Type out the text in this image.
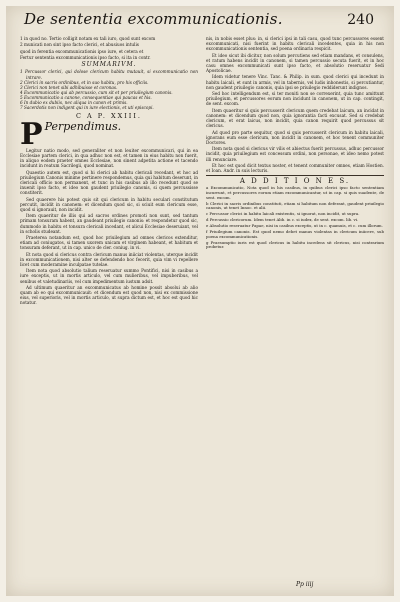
De sententia excommunicationis.	240

1 in quod no. Tertio colligit notam ex tali iuro, quod sunt excom

2 municati non sint ipso facto clerici, et abusiuos intulis

quod in ferentia excommunicationis ipso iure, et cetera et

Fertur sententia excommunicationis ipso facto, si ita in contr.

SUMMARIVM.

1 Percussor clerici, qui dolose clericum habitu mutauit, si excommunicatio non intrare.

2 Clerici in sacris ordinibus, et in suo habitu, pro his officiis.

3 Clerici non tenet sibi adhibuisse et coronas.

4 Excommunicatio qui ab percussio, cum sit et per priuilegium canonis.

5 Excommunicatio a canone, consequentiae qui paucas et his.

6 In dubio ex dubiis, nec aliqua in canon et primis.

7 Sacerdotis non indigent qui in iure electionis, et uti episcopi.

C A P. XXIII.
P Perpendimus.

Legitur natio modo, sed generaliter et non leuiter excommunicari, qui in ea Ecclesiae partem clerici, in qua adhuc non est, et tamen in eius habitu non fuerit, in aliquo eodem praeter omnes Ecclesiae, non sinent adpetita actione et tacendo incidunt in reatum Sacrilegii, quod nominat.

Quaestio autem est, quod si hi clerici ab habitu clericali recedant, et hoc ad priuilegium Canonis minime pertinere respondemus, quia qui habitum deserunt, in clericali officio non permanent, et tunc in his casibus ab illo recedunt quod se inuenit ipso facto, et ideo non gaudent priuilegio canonis, si quem percussisse constiterit.

Sed quaerere his potest quis sit qui clericum in habitu seculari constitutum percutit, incidit in canonem: et dicendum quod sic, si sciuit eum clericum esse, quod si ignorauit, non incidit.

Item quaeritur de illis qui ad sacros ordines promoti non sunt, sed tantum primam tonsuram habent, an gaudeant priuilegio canonis: et respondetur quod sic, dummodo in habitu et tonsura clericali incedant, et alicui Ecclesiae deseruiant, vel in scholis studeant.

Praeterea notandum est, quod hoc priuilegium ad omnes clericos extenditur, etiam ad coniugatos, si tamen uxorem unicam et virginem habeant, et habitum et tonsuram deferant, ut in cap. unico de cler. coniug. in vi.

Et nota quod si clericus contra clericum manus iniiciat violentas, uterque incidit in excommunicationem, nisi alter se defendendo hoc fecerit, quia vim vi repellere licet cum moderamine inculpatae tutelae.

Item nota quod absolutio talium reseruatur summo Pontifici, nisi in casibus a iure exceptis, ut in mortis articulo, vel cum mulieribus, vel impuberibus, vel senibus et valetudinariis, vel cum impedimentum iustum adsit.

Ad ultimum quaeritur an excommunicatus ab homine possit absolui ab alio quam ab eo qui excommunicauit: et dicendum est quod non, nisi ex commissione eius, vel superioris, vel in mortis articulo, ut supra dictum est, et hoc est quod hic notatur.

nis, in nobis esset plus: in, si clerici ipsi in tali casu, quod tunc percussores essent excommunicati, nisi fuerint in habitu clericali incedentes, quia in his non excommunicationis sententia, sed poena ordinaria respicit.

Et ideo sicut ibi dicitur, non solum percutiens sed etiam mandans, et consulens, et ratum habens incidit in canonem, si tamen percussio secuta fuerit, et in hoc casu omnes excommunicati sunt ipso facto, et absolutio reseruatur Sedi Apostolicae.

Idem videtur tenere Vinc. Tanc. & Philip. in sum. quod clerici qui incedunt in habitu laicali, et sunt in armis, vel in tabernis, vel ludis inhonestis, si percutiantur, non gaudent priuilegio canonis, quia ipsi se priuilegio reddiderunt indignos.

Sed hoc intelligendum est, si ter moniti non se correxerint, quia tunc amittunt priuilegium, et percussores eorum non incidunt in canonem, ut in cap. contingit, de sent. excom.

Item quaeritur si quis percusserit clericum quem credebat laicum, an incidat in canonem: et dicendum quod non, quia ignorantia facti excusat. Sed si credebat clericum, et erat laicus, non incidit, quia canon requirit quod percussus sit clericus.

Ad quod pro parte sequitur, quod si quis percusserit clericum in habitu laicali, ignorans eum esse clericum, non incidit in canonem, et hoc tenent communiter Doctores.

Item nota quod si clericus vir vilis et abiectus fuerit percussus, adhuc percussor incidit, quia priuilegium est concessum ordini, non personae, et ideo nemo potest illi renunciare.

Et hoc est quod dicit textus noster, et tenent communiter omnes, etiam Hostien. et Ioan. Andr. in suis lecturis.

A D D I T I O N E S.

a Excommunicatio, Nota quod in his casibus, in quibus clerici ipso facto sententiam incurrunt, et percussores eorum etiam excommunicantur, ut in cap. si quis suadente, de sent. excom.

b Clerici in sacris ordinibus constituti, etiam si habitum non deferant, gaudent priuilegio canonis, ut tenet Innoc. et alii.

c Percussor clerici in habitu laicali existentis, si ignorat, non incidit, ut supra.

d Percussio clericorum. Idem tenet Abb. in c. si iudex, de sent. excom. lib. vi.

e Absolutio reseruatur Papae, nisi in casibus exceptis, ut in c. quamuis, et c. cum illorum.

f Priuilegium canonis. Est quod nemo debet manus violentas in clericum iniicere, sub poena excommunicationis.

g Praesumptio iuris est quod clericus in habitu incedens sit clericus, nisi contrarium probetur.

Pp iiij
